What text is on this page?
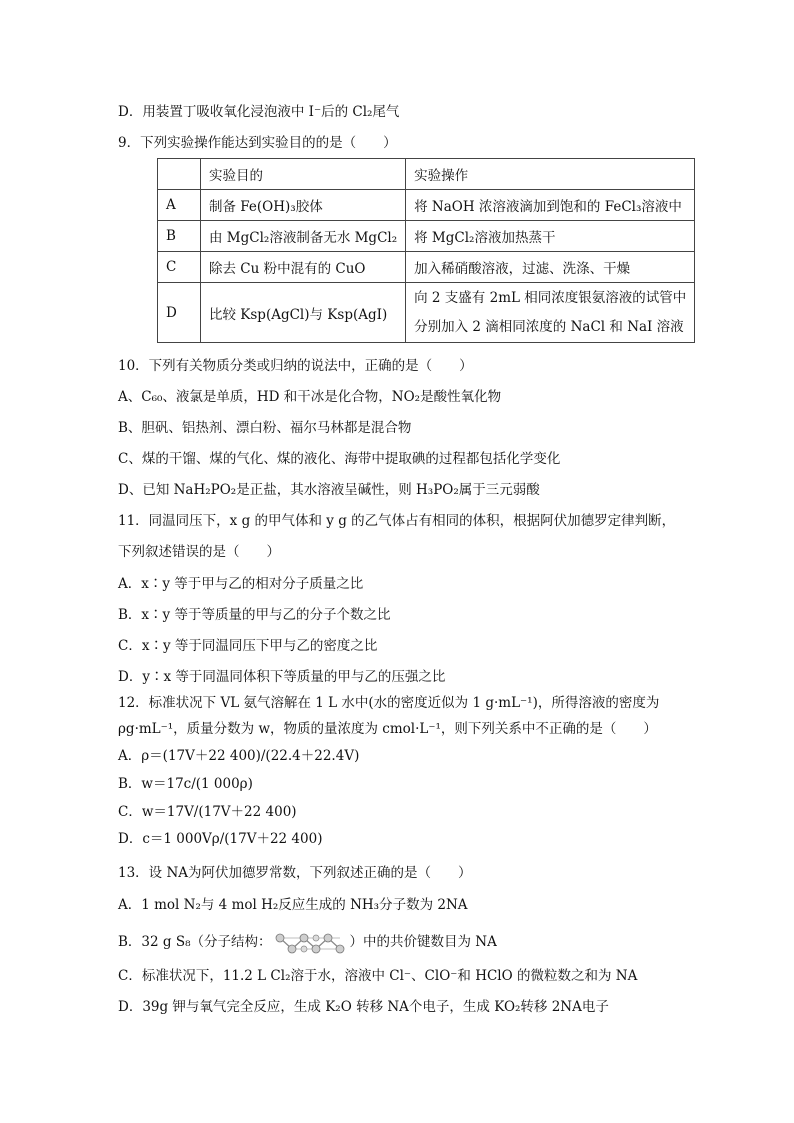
D．用装置丁吸收氧化浸泡液中 I⁻后的 Cl₂尾气
9．下列实验操作能达到实验目的的是（　　）
	实验目的	实验操作
A	制备 Fe(OH)₃胶体	将 NaOH 浓溶液滴加到饱和的 FeCl₃溶液中
B	由 MgCl₂溶液制备无水 MgCl₂	将 MgCl₂溶液加热蒸干
C	除去 Cu 粉中混有的 CuO	加入稀硝酸溶液，过滤、洗涤、干燥
D	比较 Ksp(AgCl)与 Ksp(AgI)	向 2 支盛有 2mL 相同浓度银氨溶液的试管中
分别加入 2 滴相同浓度的 NaCl 和 NaI 溶液
10．下列有关物质分类或归纳的说法中，正确的是（　　）
A、C₆₀、液氯是单质，HD 和干冰是化合物，NO₂是酸性氧化物
B、胆矾、铝热剂、漂白粉、福尔马林都是混合物
C、煤的干馏、煤的气化、煤的液化、海带中提取碘的过程都包括化学变化
D、已知 NaH₂PO₂是正盐，其水溶液呈碱性，则 H₃PO₂属于三元弱酸
11．同温同压下，x g 的甲气体和 y g 的乙气体占有相同的体积，根据阿伏加德罗定律判断，
下列叙述错误的是（　　）
A．x∶y 等于甲与乙的相对分子质量之比
B．x∶y 等于等质量的甲与乙的分子个数之比
C．x∶y 等于同温同压下甲与乙的密度之比
D．y∶x 等于同温同体积下等质量的甲与乙的压强之比
12．标准状况下 VL 氨气溶解在 1 L 水中(水的密度近似为 1 g·mL⁻¹)，所得溶液的密度为
ρg·mL⁻¹，质量分数为 w，物质的量浓度为 cmol·L⁻¹，则下列关系中不正确的是（　　）
A．ρ＝(17V＋22 400)/(22.4＋22.4V)
B．w＝17c/(1 000ρ)
C．w＝17V/(17V＋22 400)
D．c＝1 000Vρ/(17V＋22 400)
13．设 NA为阿伏加德罗常数，下列叙述正确的是（　　）
A．1 mol N₂与 4 mol H₂反应生成的 NH₃分子数为 2NA
B．32 g S₈（分子结构：	）中的共价键数目为 NA
C．标准状况下，11.2 L Cl₂溶于水，溶液中 Cl⁻、ClO⁻和 HClO 的微粒数之和为 NA
D．39g 钾与氧气完全反应，生成 K₂O 转移 NA个电子，生成 KO₂转移 2NA电子
